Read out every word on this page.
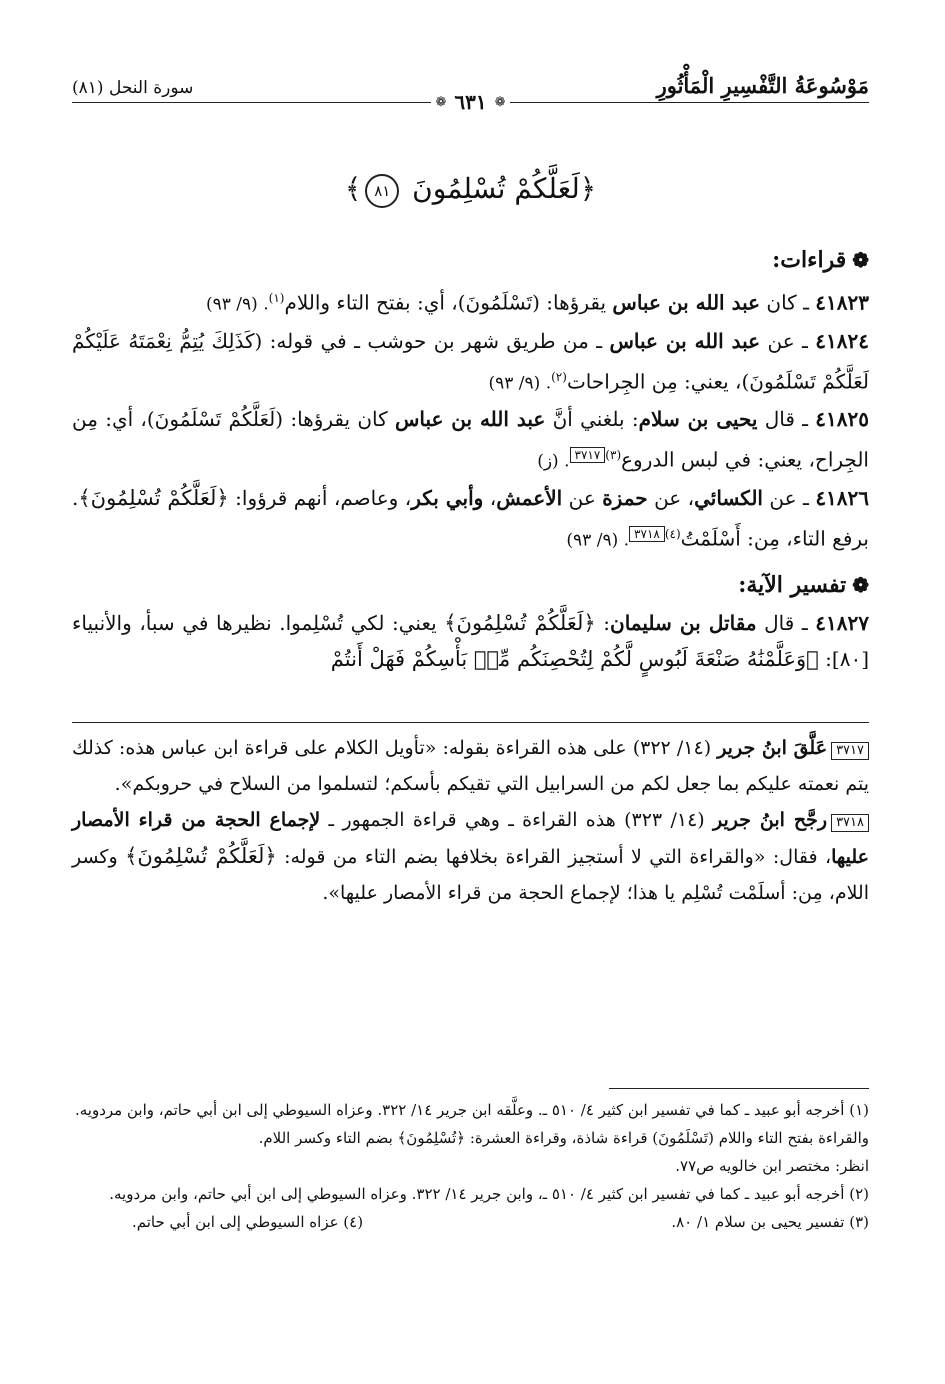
مَوْسُوعَةُ التَّفْسِيرِ الْمَأْثُورِ
سورة النحل (٨١)
❁ ٦٣١ ❁
﴿لَعَلَّكُمْ تُسْلِمُونَ ٨١﴾
❁قراءات:

٤١٨٢٣ ـ كان عبد الله بن عباس يقرؤها: (تَسْلَمُونَ)، أي: بفتح التاء واللام$^{(١)}$. (٩/ ٩٣)

٤١٨٢٤ ـ عن عبد الله بن عباس ـ من طريق شهر بن حوشب ـ في قوله: (كَذَلِكَ يُتِمُّ نِعْمَتَهُ عَلَيْكُمْ لَعَلَّكُمْ تَسْلَمُونَ)، يعني: مِن الجِراحات$^{(٢)}$. (٩/ ٩٣)

٤١٨٢٥ ـ قال يحيى بن سلام: بلغني أنَّ عبد الله بن عباس كان يقرؤها: (لَعَلَّكُمْ تَسْلَمُونَ)، أي: مِن الجِراح، يعني: في لبس الدروع$^{(٣)}$٣٧١٧. (ز)

٤١٨٢٦ ـ عن الكسائي، عن حمزة عن الأعمش، وأبي بكر، وعاصم، أنهم قرؤوا: ﴿لَعَلَّكُمْ تُسْلِمُونَ﴾. برفع التاء، مِن: أَسْلَمْتُ$^{(٤)}$٣٧١٨. (٩/ ٩٣)

❁تفسير الآية:

٤١٨٢٧ ـ قال مقاتل بن سليمان: ﴿لَعَلَّكُمْ تُسْلِمُونَ﴾ يعني: لكي تُسْلِموا. نظيرها في سبأ، والأنبياء [٨٠]: ﴿وَعَلَّمْنَٰهُ صَنْعَةَ لَبُوسٍ لَّكُمْ لِتُحْصِنَكُم مِّنۢ بَأْسِكُمْ فَهَلْ أَنتُمْ

٣٧١٧عَلَّقَ ابنُ جرير (١٤/ ٣٢٢) على هذه القراءة بقوله: «تأويل الكلام على قراءة ابن عباس هذه: كذلك يتم نعمته عليكم بما جعل لكم من السرابيل التي تقيكم بأسكم؛ لتسلموا من السلاح في حروبكم».

٣٧١٨رجَّح ابنُ جرير (١٤/ ٣٢٣) هذه القراءة ـ وهي قراءة الجمهور ـ لإجماع الحجة من قراء الأمصار عليها، فقال: «والقراءة التي لا أستجيز القراءة بخلافها بضم التاء من قوله: ﴿لَعَلَّكُمْ تُسْلِمُونَ﴾ وكسر اللام، مِن: أسلَمْت تُسْلِم يا هذا؛ لإجماع الحجة من قراء الأمصار عليها».

(١) أخرجه أبو عبيد ـ كما في تفسير ابن كثير ٤/ ٥١٠ ـ. وعلَّقه ابن جرير ١٤/ ٣٢٢. وعزاه السيوطي إلى ابن أبي حاتم، وابن مردويه.

والقراءة بفتح التاء واللام (تَسْلَمُونَ) قراءة شاذة، وقراءة العشرة: ﴿تُسْلِمُونَ﴾ بضم التاء وكسر اللام.

انظر: مختصر ابن خالويه ص٧٧.

(٢) أخرجه أبو عبيد ـ كما في تفسير ابن كثير ٤/ ٥١٠ ـ، وابن جرير ١٤/ ٣٢٢. وعزاه السيوطي إلى ابن أبي حاتم، وابن مردويه.

(٣) تفسير يحيى بن سلام ١/ ٨٠.

(٤) عزاه السيوطي إلى ابن أبي حاتم.
